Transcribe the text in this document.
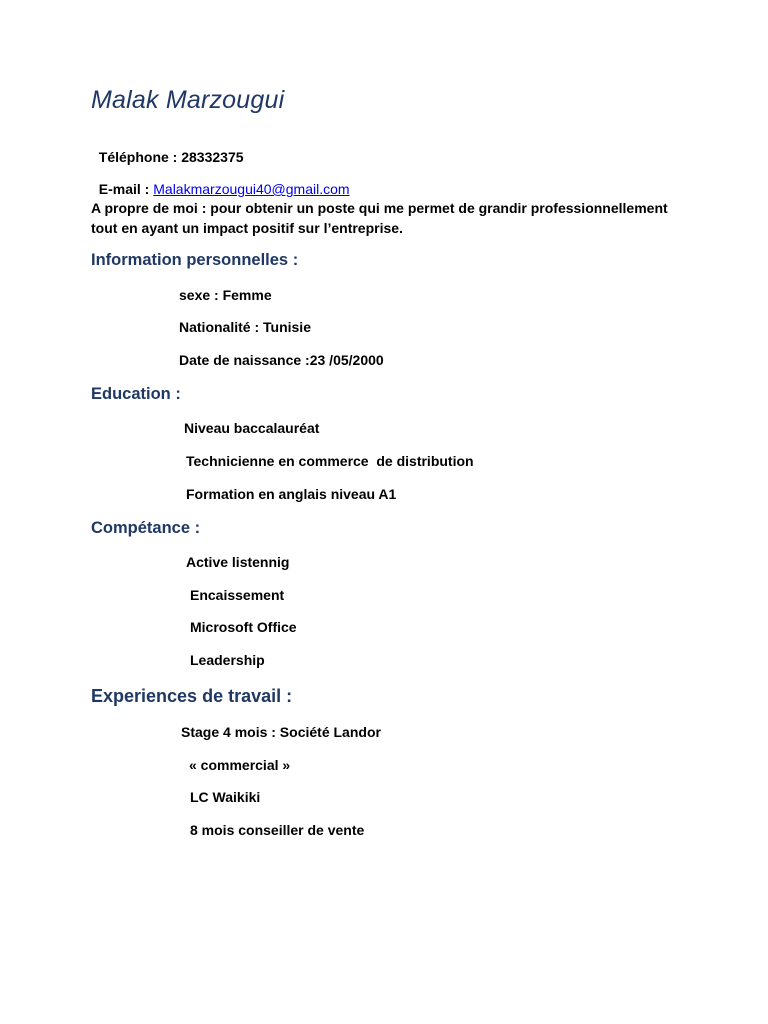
Malak Marzougui

Téléphone : 28332375

E-mail : Malakmarzougui40@gmail.com

A propre de moi : pour obtenir un poste qui me permet de grandir professionnellement tout en ayant un impact positif sur l’entreprise.
Information personnelles :
sexe : Femme
Nationalité : Tunisie
Date de naissance :23 /05/2000
Education :
Niveau baccalauréat
Technicienne en commerce  de distribution
Formation en anglais niveau A1
Compétance :
Active listennig
Encaissement
Microsoft Office
Leadership
Experiences de travail :
Stage 4 mois : Société Landor
« commercial »
LC Waikiki
8 mois conseiller de vente
